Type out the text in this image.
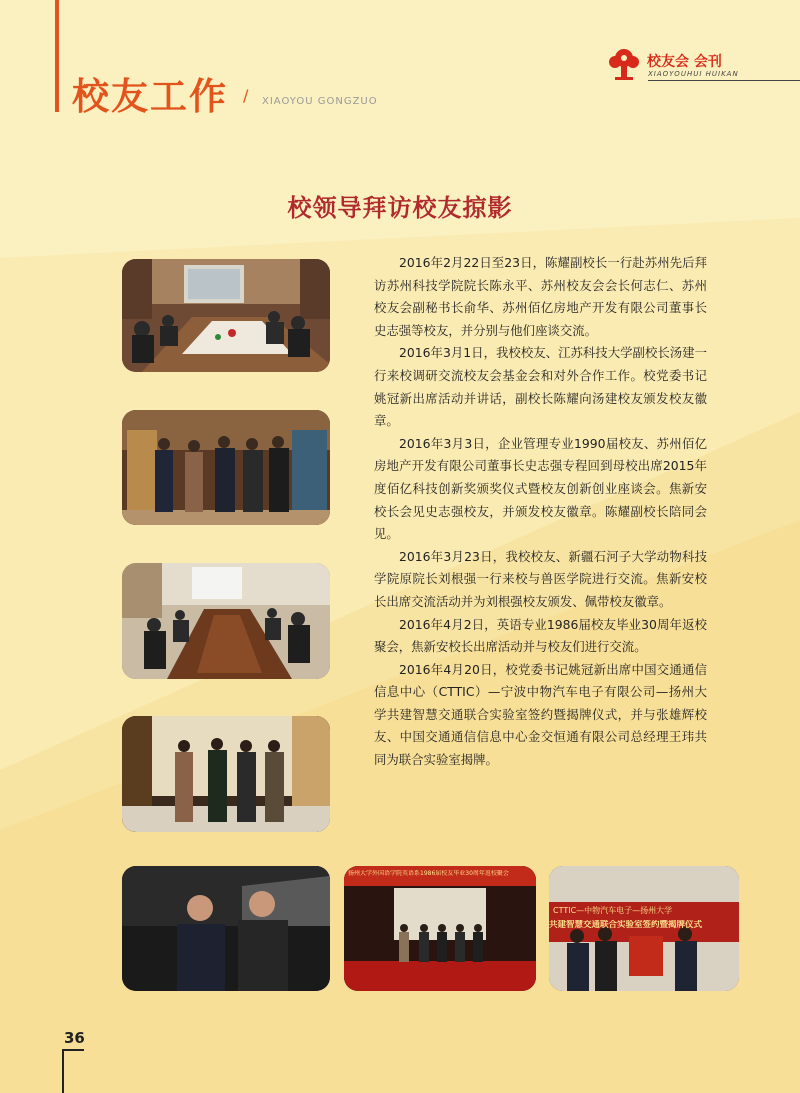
校友工作 / XIAOYOU GONGZUO
校友会 会刊
XIAOYOUHUI HUIKAN
校领导拜访校友掠影

2016年2月22日至23日，陈耀副校长一行赴苏州先后拜访苏州科技学院院长陈永平、苏州校友会会长何志仁、苏州校友会副秘书长俞华、苏州佰亿房地产开发有限公司董事长史志强等校友，并分别与他们座谈交流。

2016年3月1日，我校校友、江苏科技大学副校长汤建一行来校调研交流校友会基金会和对外合作工作。校党委书记姚冠新出席活动并讲话，副校长陈耀向汤建校友颁发校友徽章。

2016年3月3日，企业管理专业1990届校友、苏州佰亿房地产开发有限公司董事长史志强专程回到母校出席2015年度佰亿科技创新奖颁奖仪式暨校友创新创业座谈会。焦新安校长会见史志强校友，并颁发校友徽章。陈耀副校长陪同会见。

2016年3月23日，我校校友、新疆石河子大学动物科技学院原院长刘根强一行来校与兽医学院进行交流。焦新安校长出席交流活动并为刘根强校友颁发、佩带校友徽章。

2016年4月2日，英语专业1986届校友毕业30周年返校聚会，焦新安校长出席活动并与校友们进行交流。

2016年4月20日，校党委书记姚冠新出席中国交通通信信息中心（CTTIC）—宁波中物汽车电子有限公司—扬州大学共建智慧交通联合实验室签约暨揭牌仪式，并与张雄辉校友、中国交通通信信息中心金交恒通有限公司总经理王玮共同为联合实验室揭牌。

扬州大学外国语学院英语系1986届校友毕业30周年返校聚会
CTTIC—中物汽车电子—扬州大学
共建智慧交通联合实验室签约暨揭牌仪式
36
